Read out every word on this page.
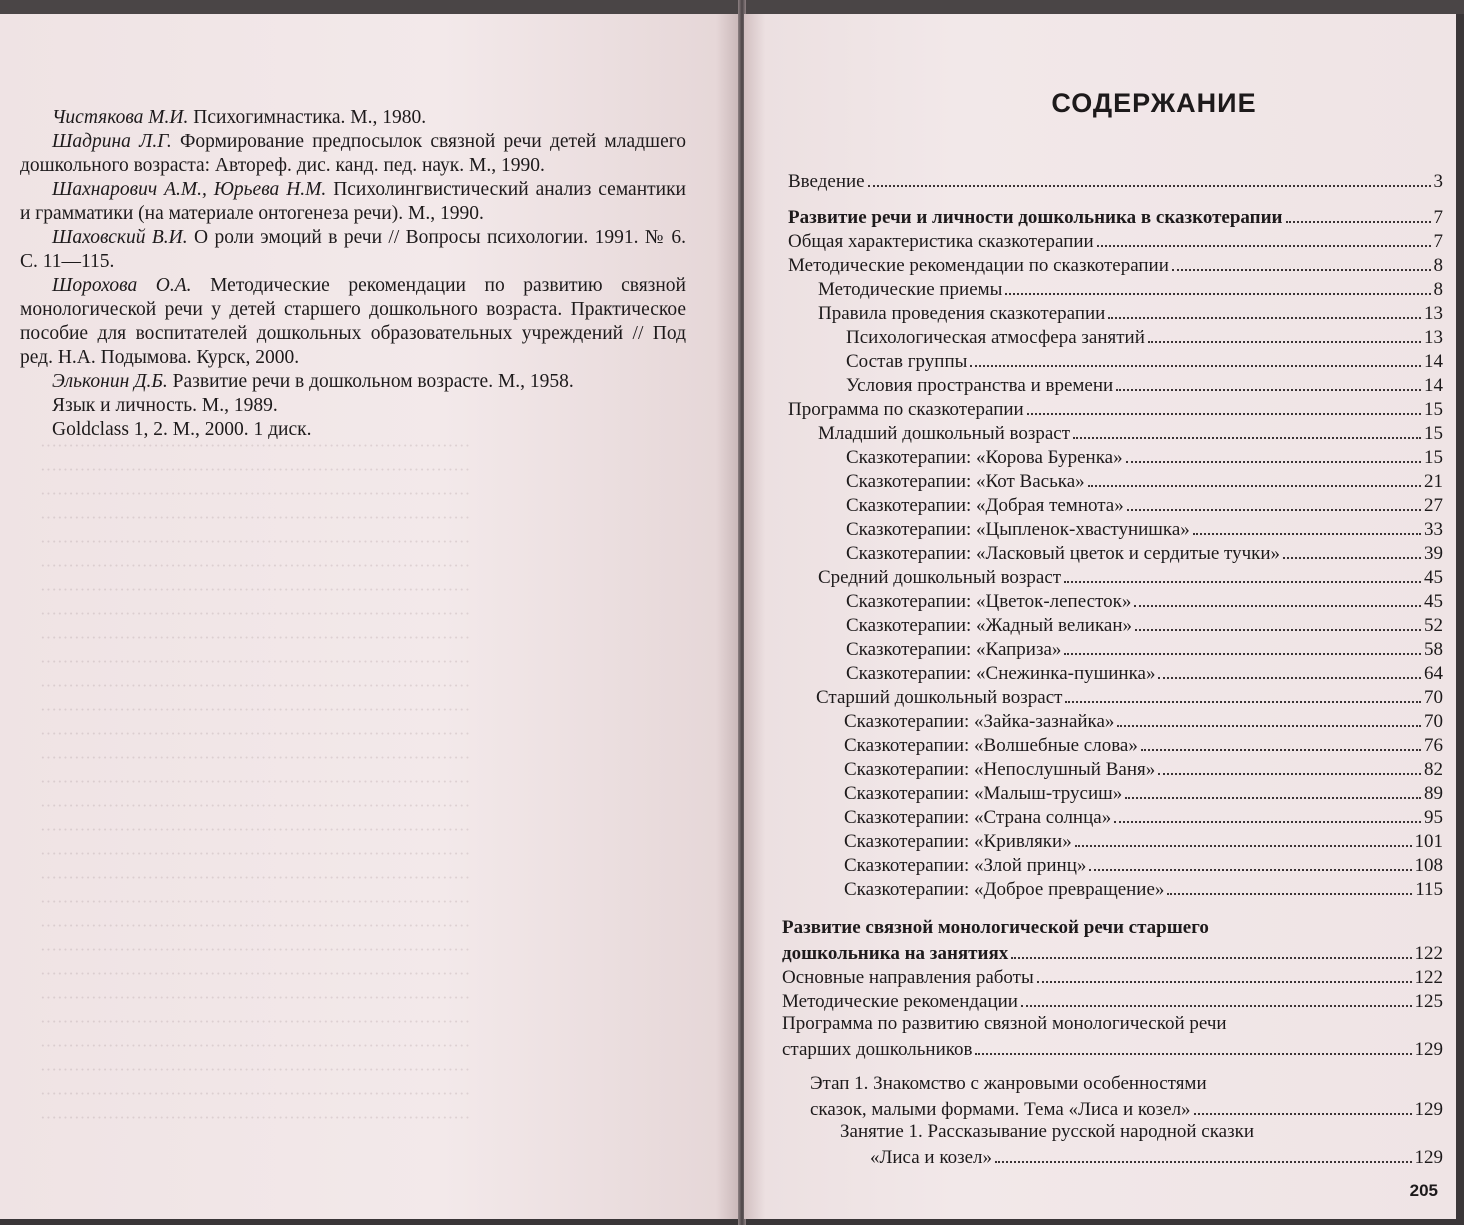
············································································
············································································
············································································
············································································
············································································
············································································
············································································
············································································
············································································
············································································
············································································
············································································
············································································
············································································
············································································
············································································
············································································
············································································
············································································
············································································
············································································
············································································
············································································
············································································
············································································
············································································
············································································
············································································
············································································

Чистякова М.И. Психогимнастика. М., 1980.

Шадрина Л.Г. Формирование предпосылок связной речи детей младшего дошкольного возраста: Автореф. дис. канд. пед. наук. М., 1990.

Шахнарович А.М., Юрьева Н.М. Психолингвистический анализ семантики и грамматики (на материале онтогенеза речи). М., 1990.

Шаховский В.И. О роли эмоций в речи // Вопросы психологии. 1991. № 6. С. 11—115.

Шорохова О.А. Методические рекомендации по развитию связной монологической речи у детей старшего дошкольного возраста. Практическое пособие для воспитателей дошкольных образовательных учреждений // Под ред. Н.А. Подымова. Курск, 2000.

Эльконин Д.Б. Развитие речи в дошкольном возрасте. М., 1958.

Язык и личность. М., 1989.

Goldclass 1, 2. М., 2000. 1 диск.

СОДЕРЖАНИЕ
Введение	3
Развитие речи и личности дошкольника в сказкотерапии	7
Общая характеристика сказкотерапии	7
Методические рекомендации по сказкотерапии	8
Методические приемы	8
Правила проведения сказкотерапии	13
Психологическая атмосфера занятий	13
Состав группы	14
Условия пространства и времени	14
Программа по сказкотерапии	15
Младший дошкольный возраст	15
Сказкотерапии: «Корова Буренка»	15
Сказкотерапии: «Кот Васька»	21
Сказкотерапии: «Добрая темнота»	27
Сказкотерапии: «Цыпленок-хвастунишка»	33
Сказкотерапии: «Ласковый цветок и сердитые тучки»	39
Средний дошкольный возраст	45
Сказкотерапии: «Цветок-лепесток»	45
Сказкотерапии: «Жадный великан»	52
Сказкотерапии: «Каприза»	58
Сказкотерапии: «Снежинка-пушинка»	64
Старший дошкольный возраст	70
Сказкотерапии: «Зайка-зазнайка»	70
Сказкотерапии: «Волшебные слова»	76
Сказкотерапии: «Непослушный Ваня»	82
Сказкотерапии: «Малыш-трусиш»	89
Сказкотерапии: «Страна солнца»	95
Сказкотерапии: «Кривляки»	101
Сказкотерапии: «Злой принц»	108
Сказкотерапии: «Доброе превращение»	115
Развитие связной монологической речи старшего
дошкольника на занятиях	122
Основные направления работы	122
Методические рекомендации	125
Программа по развитию связной монологической речи
старших дошкольников	129
Этап 1. Знакомство с жанровыми особенностями
сказок, малыми формами. Тема «Лиса и козел»	129
Занятие 1. Рассказывание русской народной сказки
«Лиса и козел»	129
205
